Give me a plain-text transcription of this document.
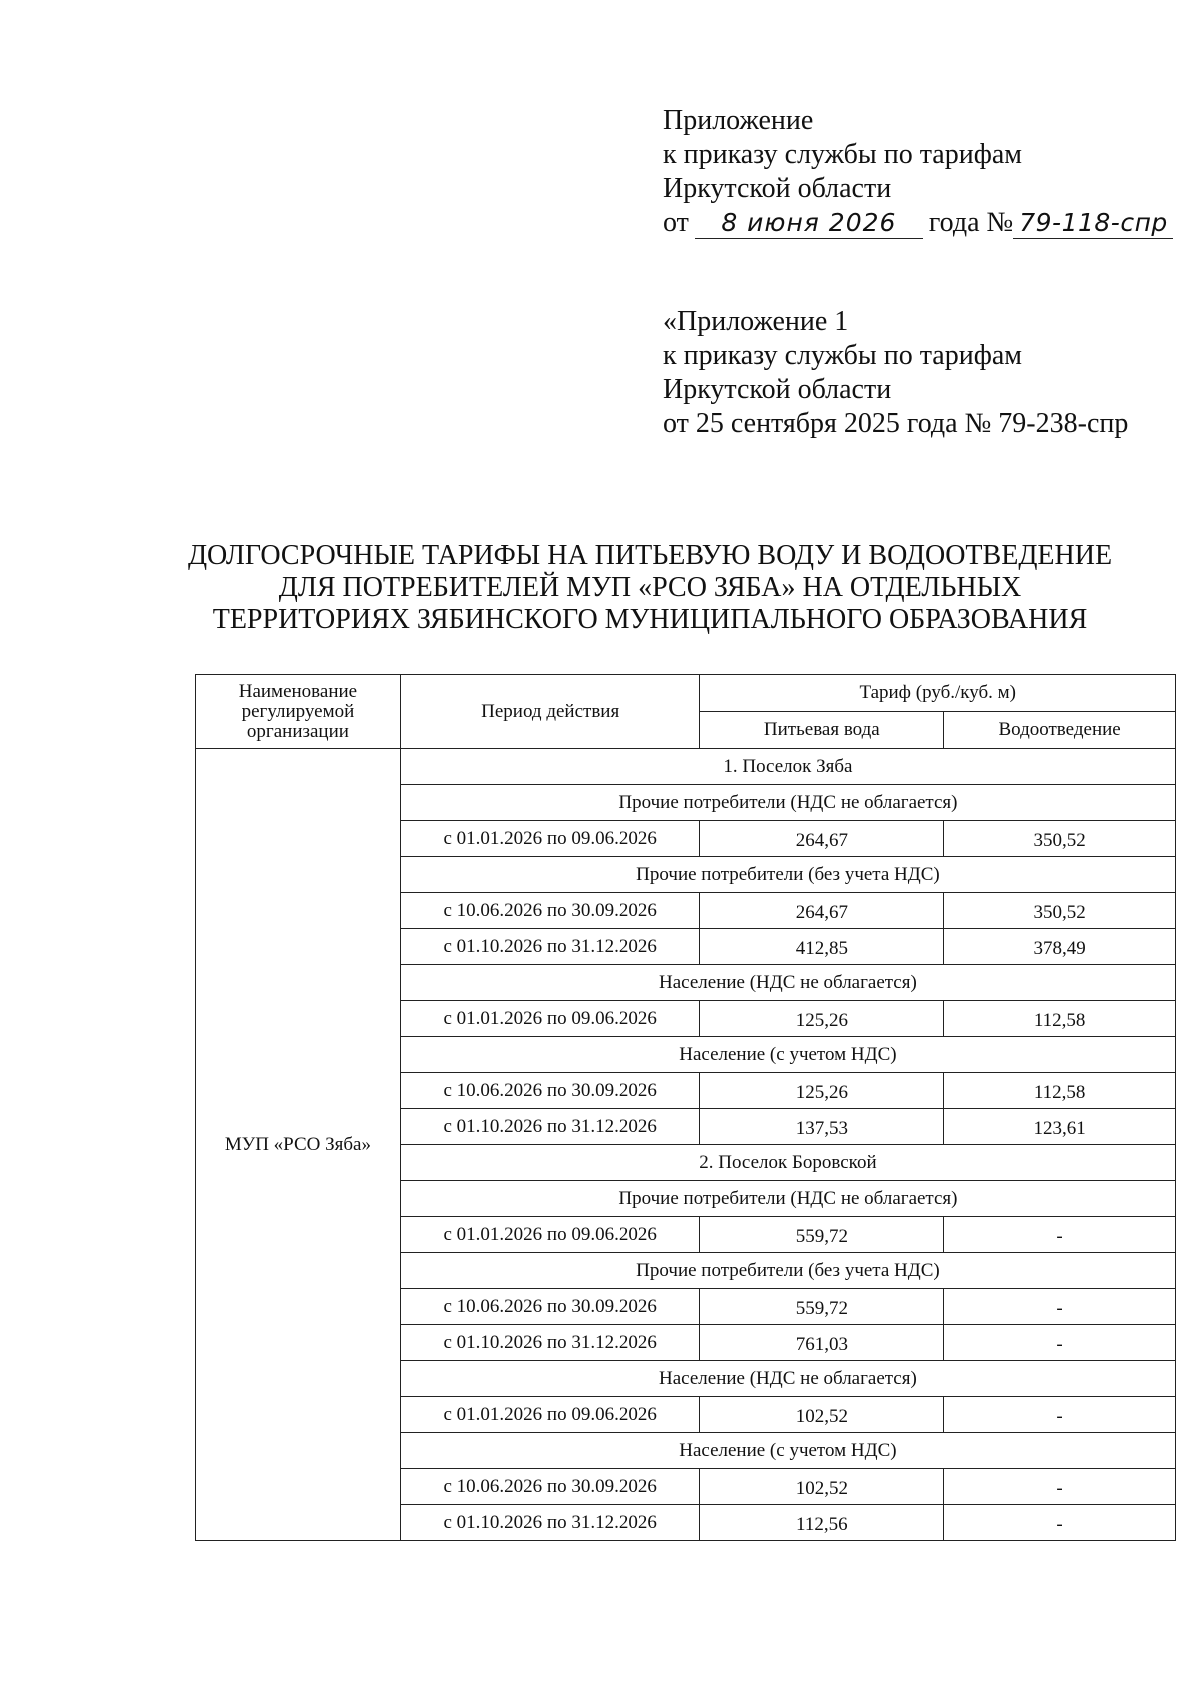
Приложение
к приказу службы по тарифам
Иркутской области
от 8 июня 2026 года № 79-118-спр
«Приложение 1
к приказу службы по тарифам
Иркутской области
от 25 сентября 2025 года № 79-238-спр
ДОЛГОСРОЧНЫЕ ТАРИФЫ НА ПИТЬЕВУЮ ВОДУ И ВОДООТВЕДЕНИЕ
ДЛЯ ПОТРЕБИТЕЛЕЙ МУП «РСО ЗЯБА» НА ОТДЕЛЬНЫХ
ТЕРРИТОРИЯХ ЗЯБИНСКОГО МУНИЦИПАЛЬНОГО ОБРАЗОВАНИЯ
Наименование регулируемой организации	Период действия	Тариф (руб./куб. м)	
		Питьевая вода	Водоотведение
МУП «РСО Зяба»	1. Поселок Зяба		
	Прочие потребители (НДС не облагается)		
	с 01.01.2026 по 09.06.2026	264,67	350,52
	Прочие потребители (без учета НДС)		
	с 10.06.2026 по 30.09.2026	264,67	350,52
	с 01.10.2026 по 31.12.2026	412,85	378,49
	Население (НДС не облагается)		
	с 01.01.2026 по 09.06.2026	125,26	112,58
	Население (с учетом НДС)		
	с 10.06.2026 по 30.09.2026	125,26	112,58
	с 01.10.2026 по 31.12.2026	137,53	123,61
	2. Поселок Боровской		
	Прочие потребители (НДС не облагается)		
	с 01.01.2026 по 09.06.2026	559,72	-
	Прочие потребители (без учета НДС)		
	с 10.06.2026 по 30.09.2026	559,72	-
	с 01.10.2026 по 31.12.2026	761,03	-
	Население (НДС не облагается)		
	с 01.01.2026 по 09.06.2026	102,52	-
	Население (с учетом НДС)		
	с 10.06.2026 по 30.09.2026	102,52	-
	с 01.10.2026 по 31.12.2026	112,56	-
